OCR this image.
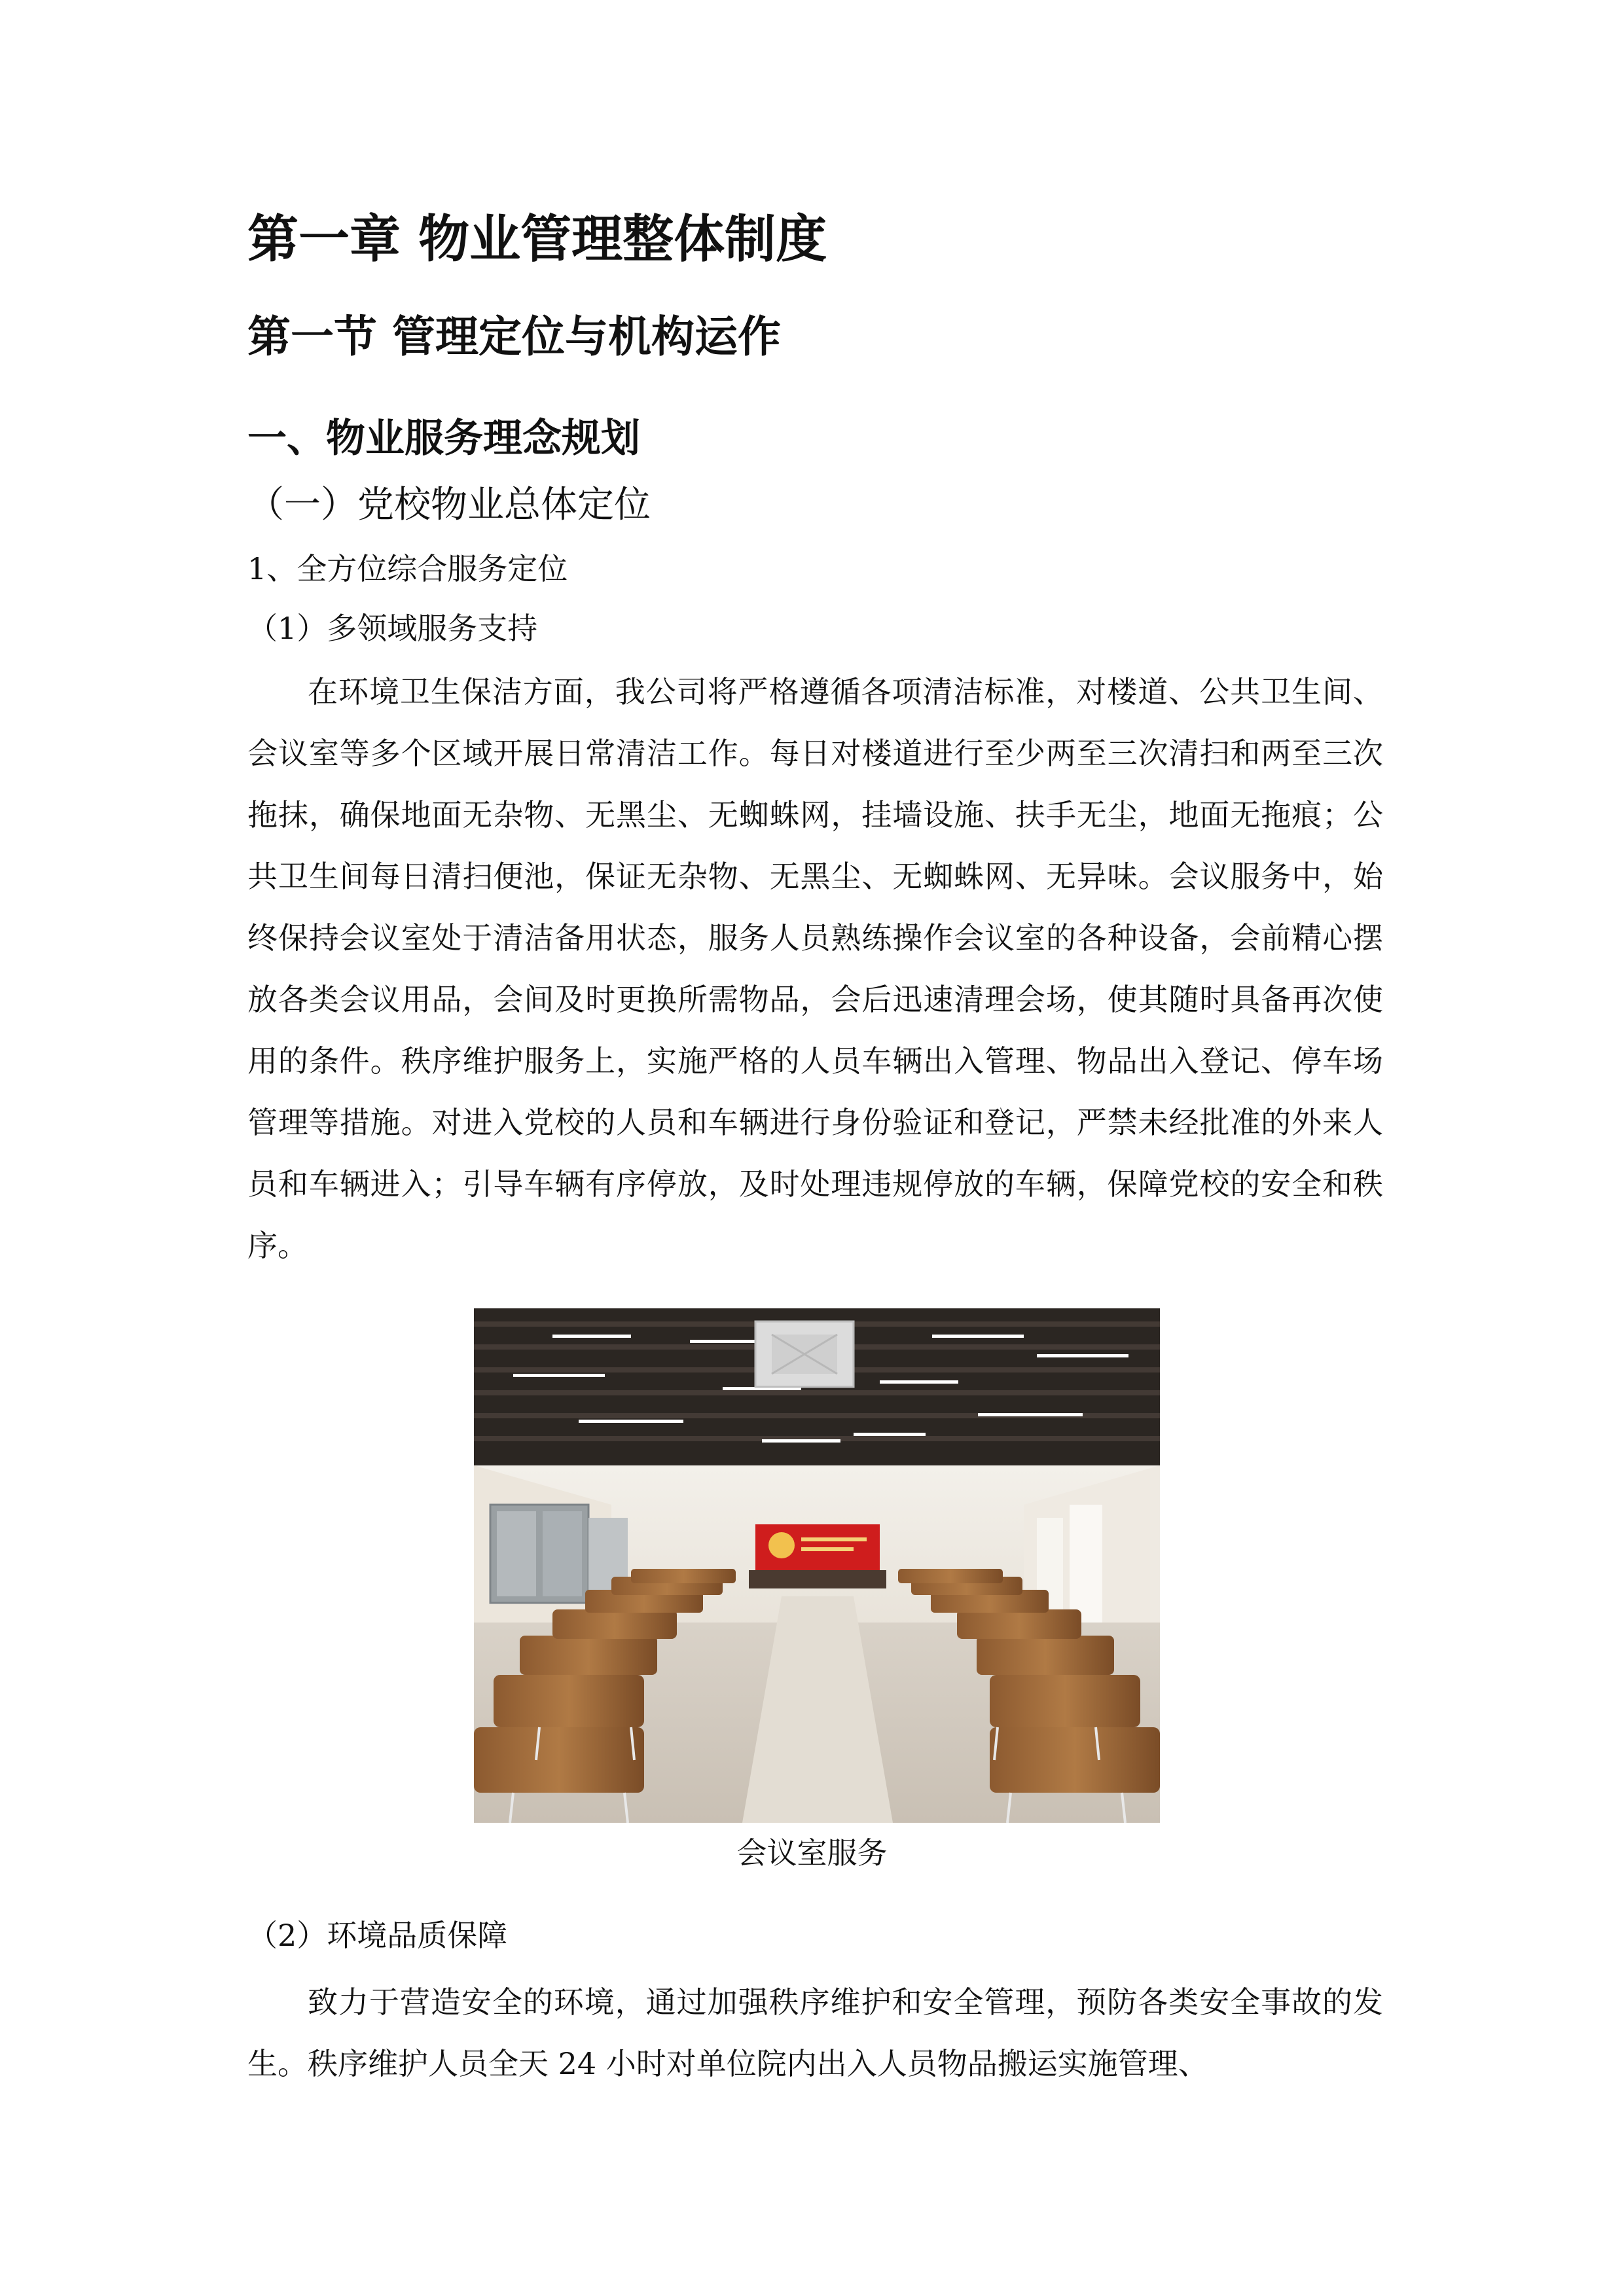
第一章 物业管理整体制度
第一节 管理定位与机构运作
一、物业服务理念规划
（一）党校物业总体定位
1、全方位综合服务定位
（1）多领域服务支持

在环境卫生保洁方面，我公司将严格遵循各项清洁标准，对楼道、公共卫生间、会议室等多个区域开展日常清洁工作。每日对楼道进行至少两至三次清扫和两至三次拖抹，确保地面无杂物、无黑尘、无蜘蛛网，挂墙设施、扶手无尘，地面无拖痕；公共卫生间每日清扫便池，保证无杂物、无黑尘、无蜘蛛网、无异味。会议服务中，始终保持会议室处于清洁备用状态，服务人员熟练操作会议室的各种设备，会前精心摆放各类会议用品，会间及时更换所需物品，会后迅速清理会场，使其随时具备再次使用的条件。秩序维护服务上，实施严格的人员车辆出入管理、物品出入登记、停车场管理等措施。对进入党校的人员和车辆进行身份验证和登记，严禁未经批准的外来人员和车辆进入；引导车辆有序停放，及时处理违规停放的车辆，保障党校的安全和秩序。

会议室服务

（2）环境品质保障

致力于营造安全的环境，通过加强秩序维护和安全管理，预防各类安全事故的发生。秩序维护人员全天 24 小时对单位院内出入人员物品搬运实施管理、
